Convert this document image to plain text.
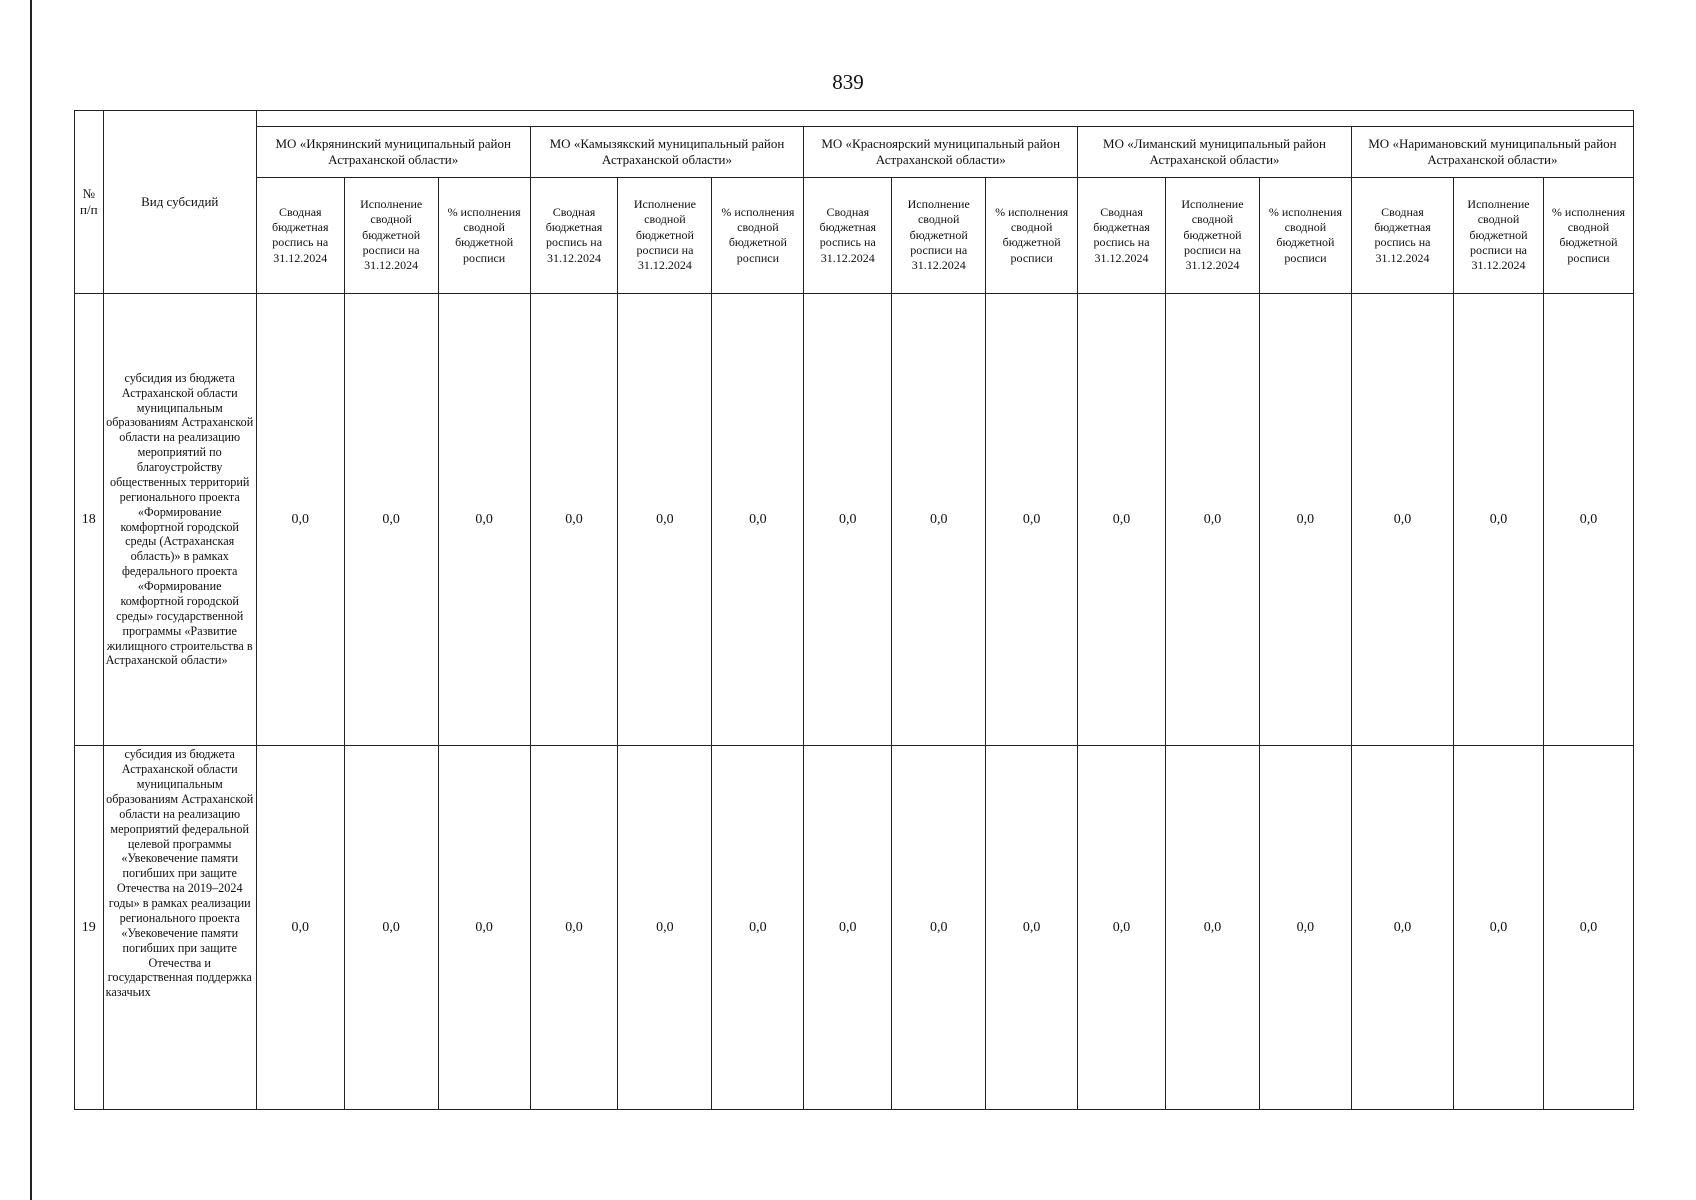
839
№ п/п	Вид субсидий															
		МО «Икрянинский муниципальный район Астраханской области»			МО «Камызякский муниципальный район Астраханской области»			МО «Красноярский муниципальный район Астраханской области»			МО «Лиманский муниципальный район Астраханской области»			МО «Наримановский муниципальный район Астраханской области»		
		Сводная бюджетная роспись на 31.12.2024	Исполнение сводной бюджетной росписи на 31.12.2024	% исполнения сводной бюджетной росписи	Сводная бюджетная роспись на 31.12.2024	Исполнение сводной бюджетной росписи на 31.12.2024	% исполнения сводной бюджетной росписи	Сводная бюджетная роспись на 31.12.2024	Исполнение сводной бюджетной росписи на 31.12.2024	% исполнения сводной бюджетной росписи	Сводная бюджетная роспись на 31.12.2024	Исполнение сводной бюджетной росписи на 31.12.2024	% исполнения сводной бюджетной росписи	Сводная бюджетная роспись на 31.12.2024	Исполнение сводной бюджетной росписи на 31.12.2024	% исполнения сводной бюджетной росписи
18	субсидия из бюджета Астраханской области муниципальным образованиям Астраханской области на реализацию мероприятий по благоустройству общественных территорий регионального проекта «Формирование комфортной городской среды (Астраханская область)» в рамках федерального проекта «Формирование комфортной городской среды» государственной программы «Развитие жилищного строительства в Астраханской области»	0,0	0,0	0,0	0,0	0,0	0,0	0,0	0,0	0,0	0,0	0,0	0,0	0,0	0,0	0,0
19	субсидия из бюджета Астраханской области муниципальным образованиям Астраханской области на реализацию мероприятий федеральной целевой программы «Увековечение памяти погибших при защите Отечества на 2019–2024 годы» в рамках реализации регионального проекта «Увековечение памяти погибших при защите Отечества и государственная поддержка казачьих	0,0	0,0	0,0	0,0	0,0	0,0	0,0	0,0	0,0	0,0	0,0	0,0	0,0	0,0	0,0
